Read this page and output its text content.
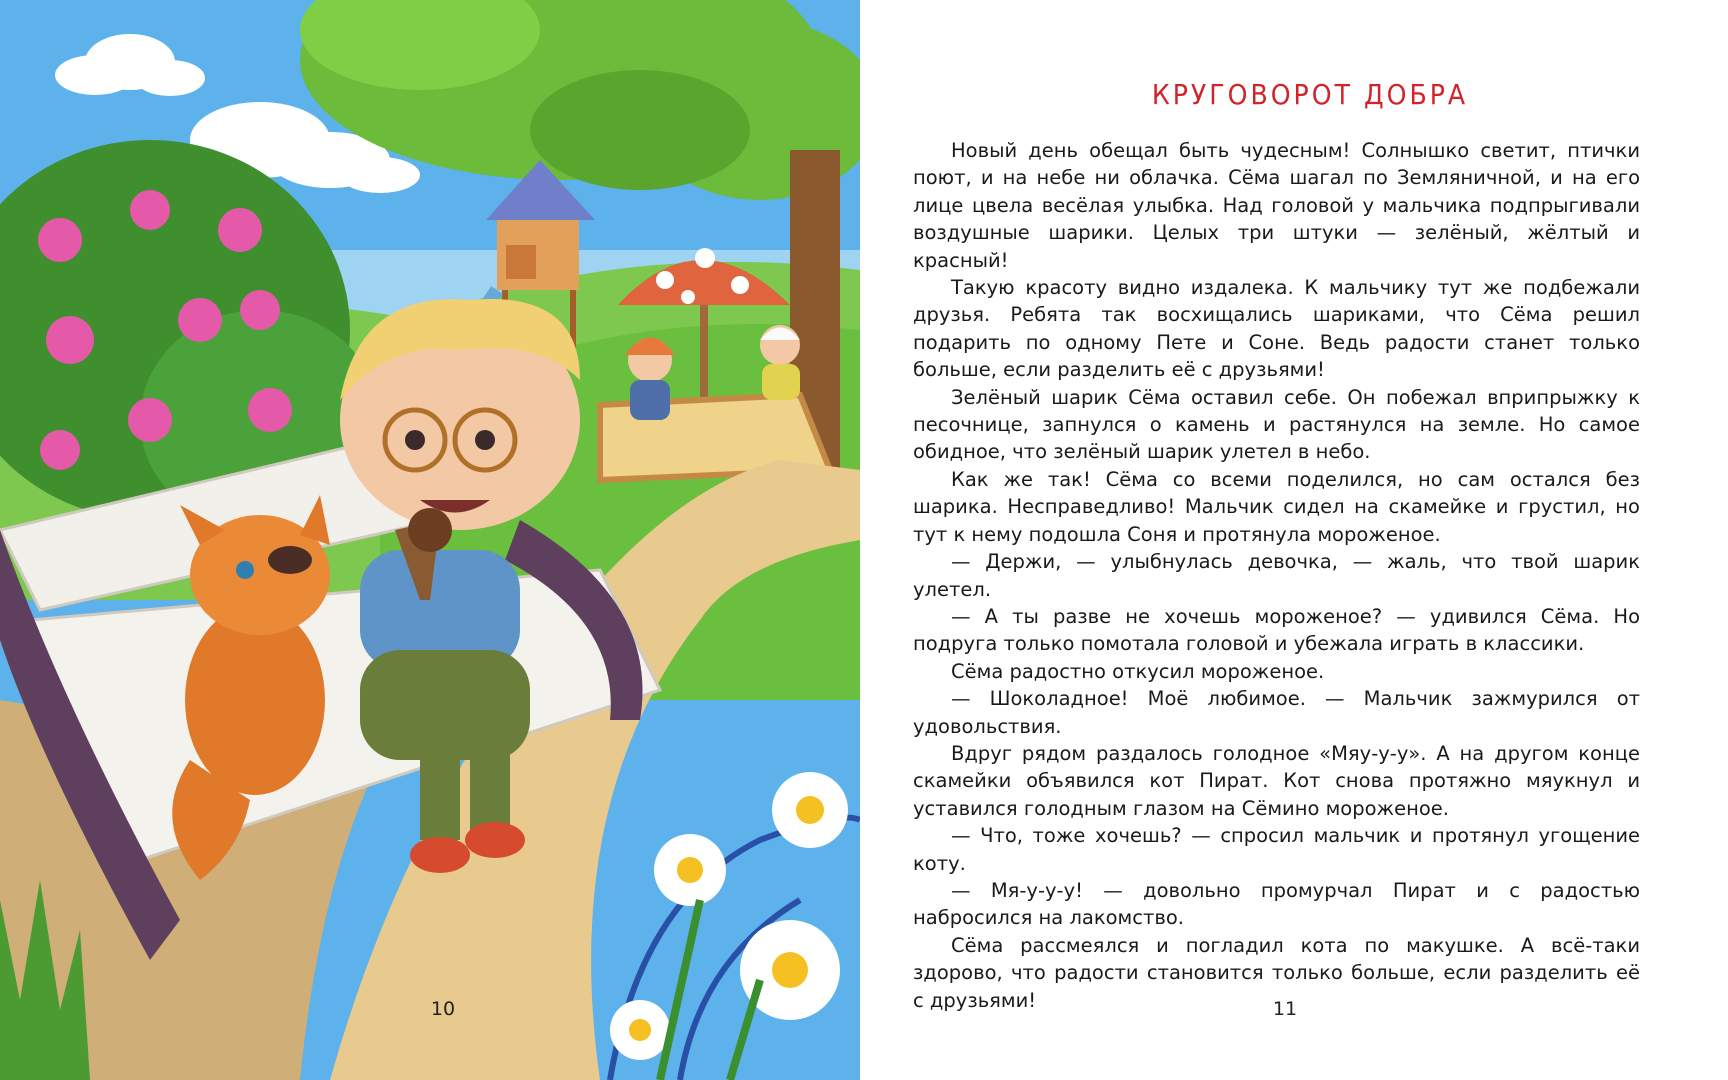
10
КРУГОВОРОТ ДОБРА

Новый день обещал быть чудесным! Солнышко светит, птички поют, и на небе ни облачка. Сёма шагал по Земляничной, и на его лице цвела весёлая улыбка. Над головой у мальчика подпрыгивали воздушные шарики. Целых три штуки — зелёный, жёлтый и красный!

Такую красоту видно издалека. К мальчику тут же подбежали друзья. Ребята так восхищались шариками, что Сёма решил подарить по одному Пете и Соне. Ведь радости станет только больше, если разделить её с друзьями!

Зелёный шарик Сёма оставил себе. Он побежал вприпрыжку к песочнице, запнулся о камень и растянулся на земле. Но самое обидное, что зелёный шарик улетел в небо.

Как же так! Сёма со всеми поделился, но сам остался без шарика. Несправедливо! Мальчик сидел на скамейке и грустил, но тут к нему подошла Соня и протянула мороженое.

— Держи, — улыбнулась девочка, — жаль, что твой шарик улетел.

— А ты разве не хочешь мороженое? — удивился Сёма. Но подруга только помотала головой и убежала играть в классики.

Сёма радостно откусил мороженое.

— Шоколадное! Моё любимое. — Мальчик зажмурился от удовольствия.

Вдруг рядом раздалось голодное «Мяу-у-у». А на другом конце скамейки объявился кот Пират. Кот снова протяжно мяукнул и уставился голодным глазом на Сёмино мороженое.

— Что, тоже хочешь? — спросил мальчик и протянул угощение коту.

— Мя-у-у-у! — довольно промурчал Пират и с радостью набросился на лакомство.

Сёма рассмеялся и погладил кота по макушке. А всё-таки здорово, что радости становится только больше, если разделить её с друзьями!	11
